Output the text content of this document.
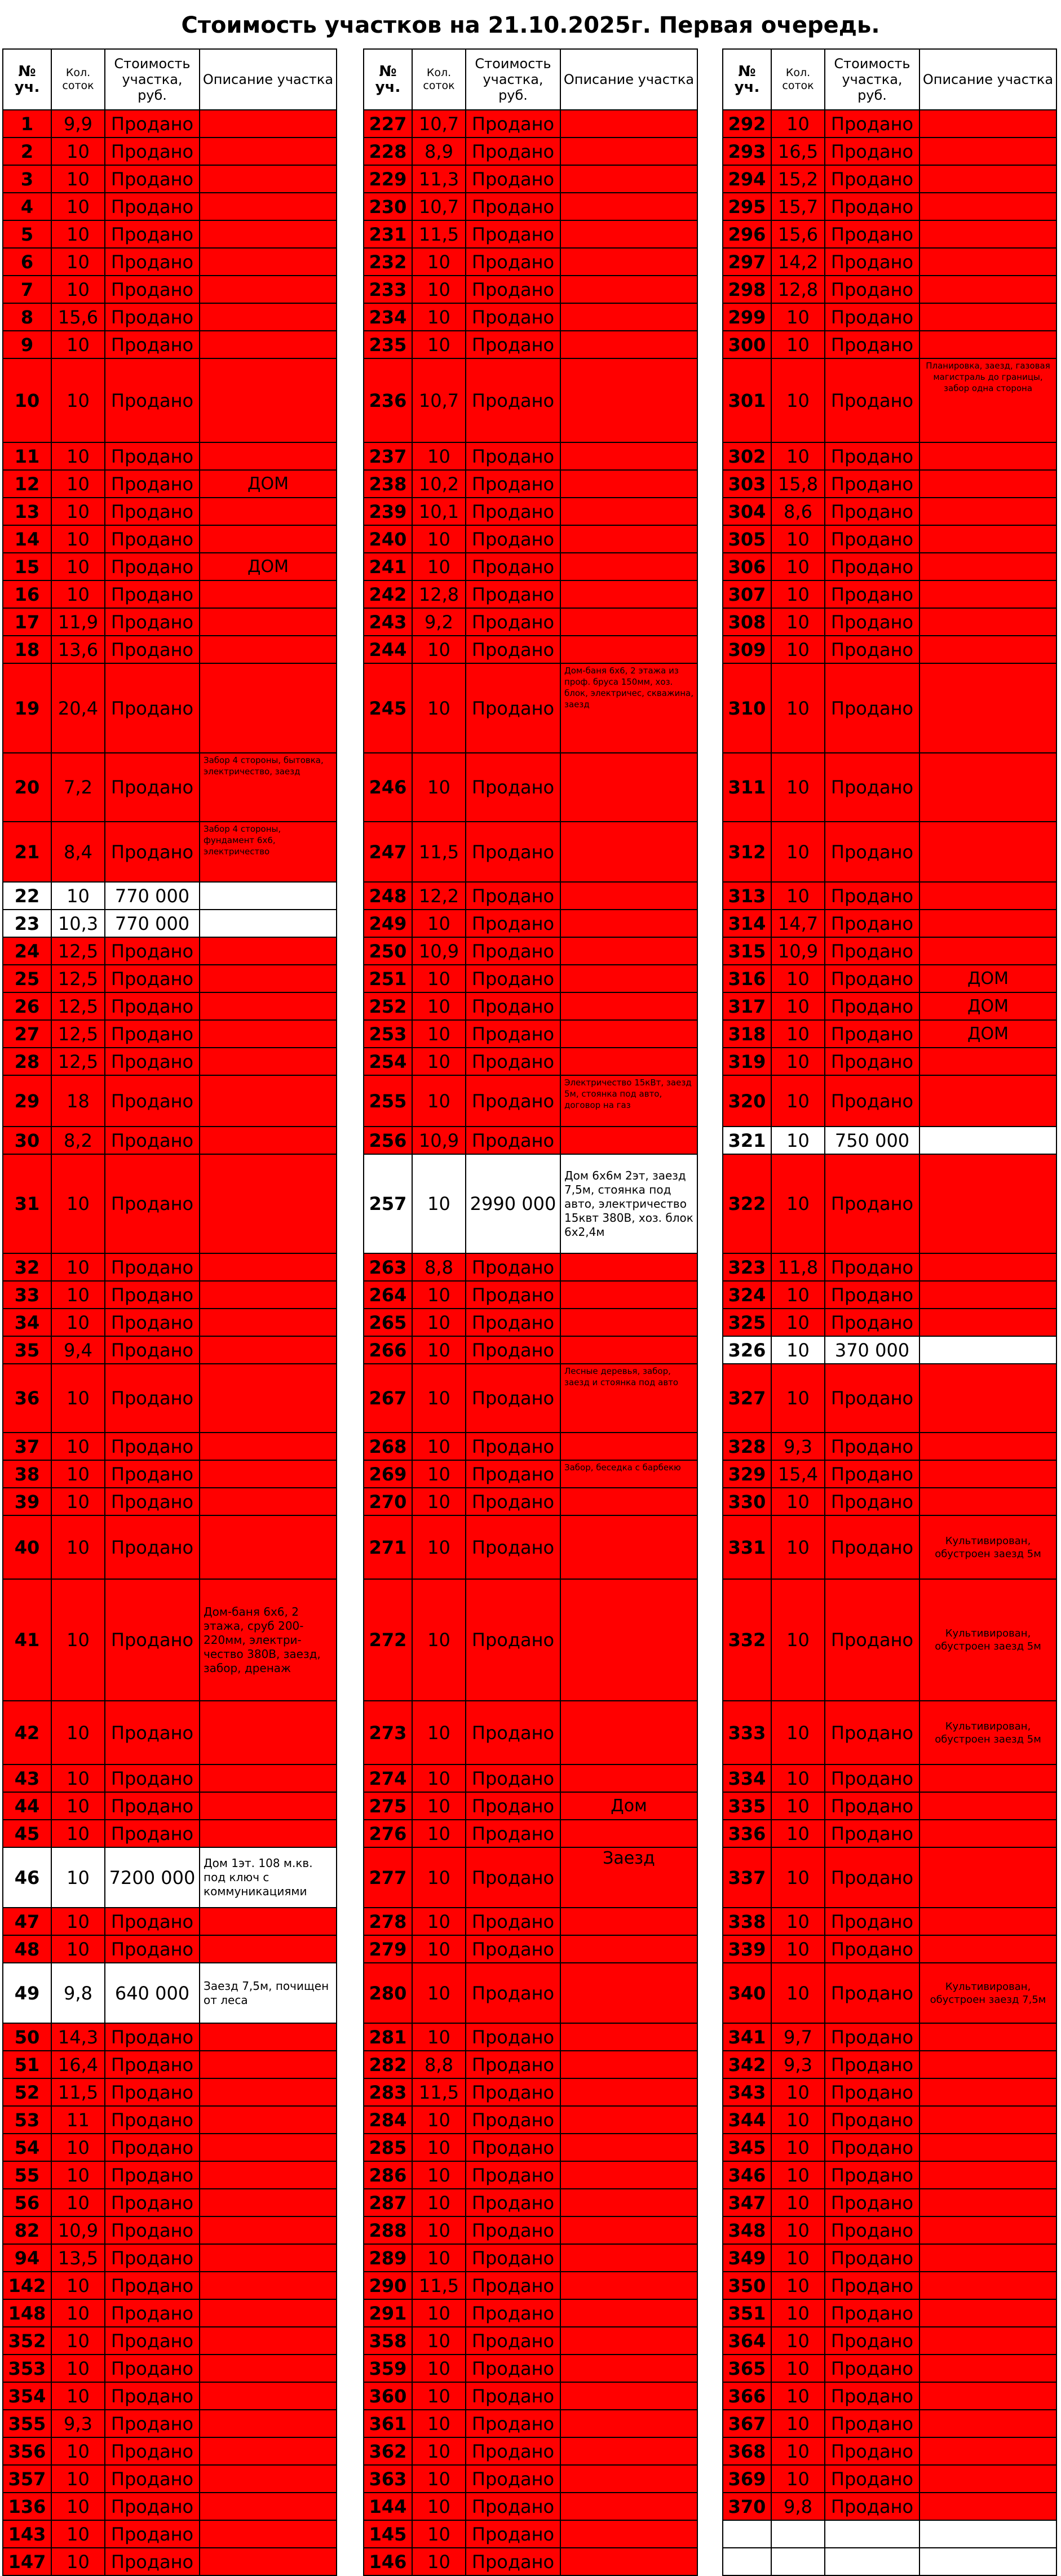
Стоимость участков на 21.10.2025г. Первая очередь.
№ уч.	Кол. соток	Стоимость участка, руб.	Описание участка
1	9,9	Продано	
2	10	Продано	
3	10	Продано	
4	10	Продано	
5	10	Продано	
6	10	Продано	
7	10	Продано	
8	15,6	Продано	
9	10	Продано	
10	10	Продано	
11	10	Продано	
12	10	Продано	ДОМ
13	10	Продано	
14	10	Продано	
15	10	Продано	ДОМ
16	10	Продано	
17	11,9	Продано	
18	13,6	Продано	
19	20,4	Продано	
20	7,2	Продано	Забор 4 стороны, бытовка, электричество, заезд
21	8,4	Продано	Забор 4 стороны, фундамент 6х6, электричество
22	10	770 000	
23	10,3	770 000	
24	12,5	Продано	
25	12,5	Продано	
26	12,5	Продано	
27	12,5	Продано	
28	12,5	Продано	
29	18	Продано	
30	8,2	Продано	
31	10	Продано	
32	10	Продано	
33	10	Продано	
34	10	Продано	
35	9,4	Продано	
36	10	Продано	
37	10	Продано	
38	10	Продано	
39	10	Продано	
40	10	Продано	
41	10	Продано	Дом-баня 6х6, 2 этажа, сруб 200-220мм, электри-чество 380В, заезд, забор, дренаж
42	10	Продано	
43	10	Продано	
44	10	Продано	
45	10	Продано	
46	10	7200 000	Дом 1эт. 108 м.кв. под ключ с коммуникациями
47	10	Продано	
48	10	Продано	
49	9,8	640 000	Заезд 7,5м, почищен от леса
50	14,3	Продано	
51	16,4	Продано	
52	11,5	Продано	
53	11	Продано	
54	10	Продано	
55	10	Продано	
56	10	Продано	
82	10,9	Продано	
94	13,5	Продано	
142	10	Продано	
148	10	Продано	
352	10	Продано	
353	10	Продано	
354	10	Продано	
355	9,3	Продано	
356	10	Продано	
357	10	Продано	
136	10	Продано	
143	10	Продано	
147	10	Продано	
№ уч.	Кол. соток	Стоимость участка, руб.	Описание участка
227	10,7	Продано	
228	8,9	Продано	
229	11,3	Продано	
230	10,7	Продано	
231	11,5	Продано	
232	10	Продано	
233	10	Продано	
234	10	Продано	
235	10	Продано	
236	10,7	Продано	
237	10	Продано	
238	10,2	Продано	
239	10,1	Продано	
240	10	Продано	
241	10	Продано	
242	12,8	Продано	
243	9,2	Продано	
244	10	Продано	
245	10	Продано	Дом-баня 6х6, 2 этажа из проф. бруса 150мм, хоз. блок, электричес, скважина, заезд
246	10	Продано	
247	11,5	Продано	
248	12,2	Продано	
249	10	Продано	
250	10,9	Продано	
251	10	Продано	
252	10	Продано	
253	10	Продано	
254	10	Продано	
255	10	Продано	Электричество 15кВт, заезд 5м, стоянка под авто, договор на газ
256	10,9	Продано	
257	10	2990 000	Дом 6х6м 2эт, заезд 7,5м, стоянка под авто, электричество 15квт 380В, хоз. блок 6х2,4м
263	8,8	Продано	
264	10	Продано	
265	10	Продано	
266	10	Продано	
267	10	Продано	Лесные деревья, забор, заезд и стоянка под авто
268	10	Продано	
269	10	Продано	Забор, беседка с барбекю
270	10	Продано	
271	10	Продано	
272	10	Продано	
273	10	Продано	
274	10	Продано	
275	10	Продано	Дом
276	10	Продано	
277	10	Продано	Заезд
278	10	Продано	
279	10	Продано	
280	10	Продано	
281	10	Продано	
282	8,8	Продано	
283	11,5	Продано	
284	10	Продано	
285	10	Продано	
286	10	Продано	
287	10	Продано	
288	10	Продано	
289	10	Продано	
290	11,5	Продано	
291	10	Продано	
358	10	Продано	
359	10	Продано	
360	10	Продано	
361	10	Продано	
362	10	Продано	
363	10	Продано	
144	10	Продано	
145	10	Продано	
146	10	Продано	
№ уч.	Кол. соток	Стоимость участка, руб.	Описание участка
292	10	Продано	
293	16,5	Продано	
294	15,2	Продано	
295	15,7	Продано	
296	15,6	Продано	
297	14,2	Продано	
298	12,8	Продано	
299	10	Продано	
300	10	Продано	
301	10	Продано	Планировка, заезд, газовая магистраль до границы, забор одна сторона
302	10	Продано	
303	15,8	Продано	
304	8,6	Продано	
305	10	Продано	
306	10	Продано	
307	10	Продано	
308	10	Продано	
309	10	Продано	
310	10	Продано	
311	10	Продано	
312	10	Продано	
313	10	Продано	
314	14,7	Продано	
315	10,9	Продано	
316	10	Продано	ДОМ
317	10	Продано	ДОМ
318	10	Продано	ДОМ
319	10	Продано	
320	10	Продано	
321	10	750 000	
322	10	Продано	
323	11,8	Продано	
324	10	Продано	
325	10	Продано	
326	10	370 000	
327	10	Продано	
328	9,3	Продано	
329	15,4	Продано	
330	10	Продано	
331	10	Продано	Культивирован, обустроен заезд 5м
332	10	Продано	Культивирован, обустроен заезд 5м
333	10	Продано	Культивирован, обустроен заезд 5м
334	10	Продано	
335	10	Продано	
336	10	Продано	
337	10	Продано	
338	10	Продано	
339	10	Продано	
340	10	Продано	Культивирован, обустроен заезд 7,5м
341	9,7	Продано	
342	9,3	Продано	
343	10	Продано	
344	10	Продано	
345	10	Продано	
346	10	Продано	
347	10	Продано	
348	10	Продано	
349	10	Продано	
350	10	Продано	
351	10	Продано	
364	10	Продано	
365	10	Продано	
366	10	Продано	
367	10	Продано	
368	10	Продано	
369	10	Продано	
370	9,8	Продано	
